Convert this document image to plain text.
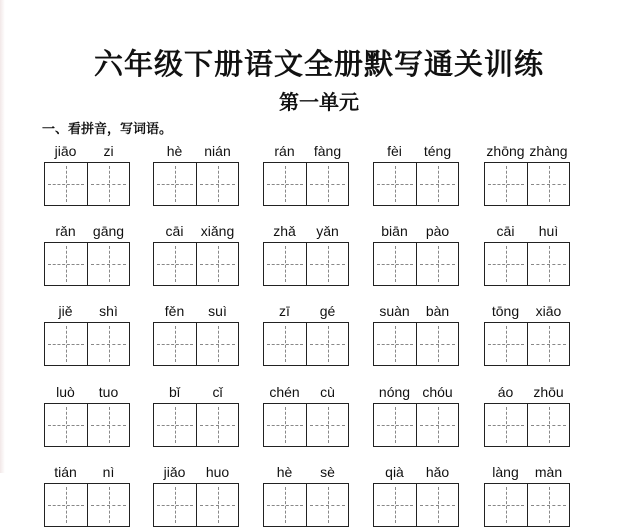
六年级下册语文全册默写通关训练
第一单元

一、看拼音，写词语。

jiāo	zi	hè	nián	rán	fàng	fèi	téng	zhōng zhàng
rǎn	gāng	cāi	xiǎng	zhǎ	yǎn	biān	pào	cāi	huì
jiě	shì	fěn	suì	zī	gé	suàn	bàn	tōng	xiāo
luò	tuo	bǐ	cǐ	chén	cù	nóng chóu	áo	zhōu
tián	nì	jiǎo	huo	hè	sè	qià	hǎo	làng	màn
